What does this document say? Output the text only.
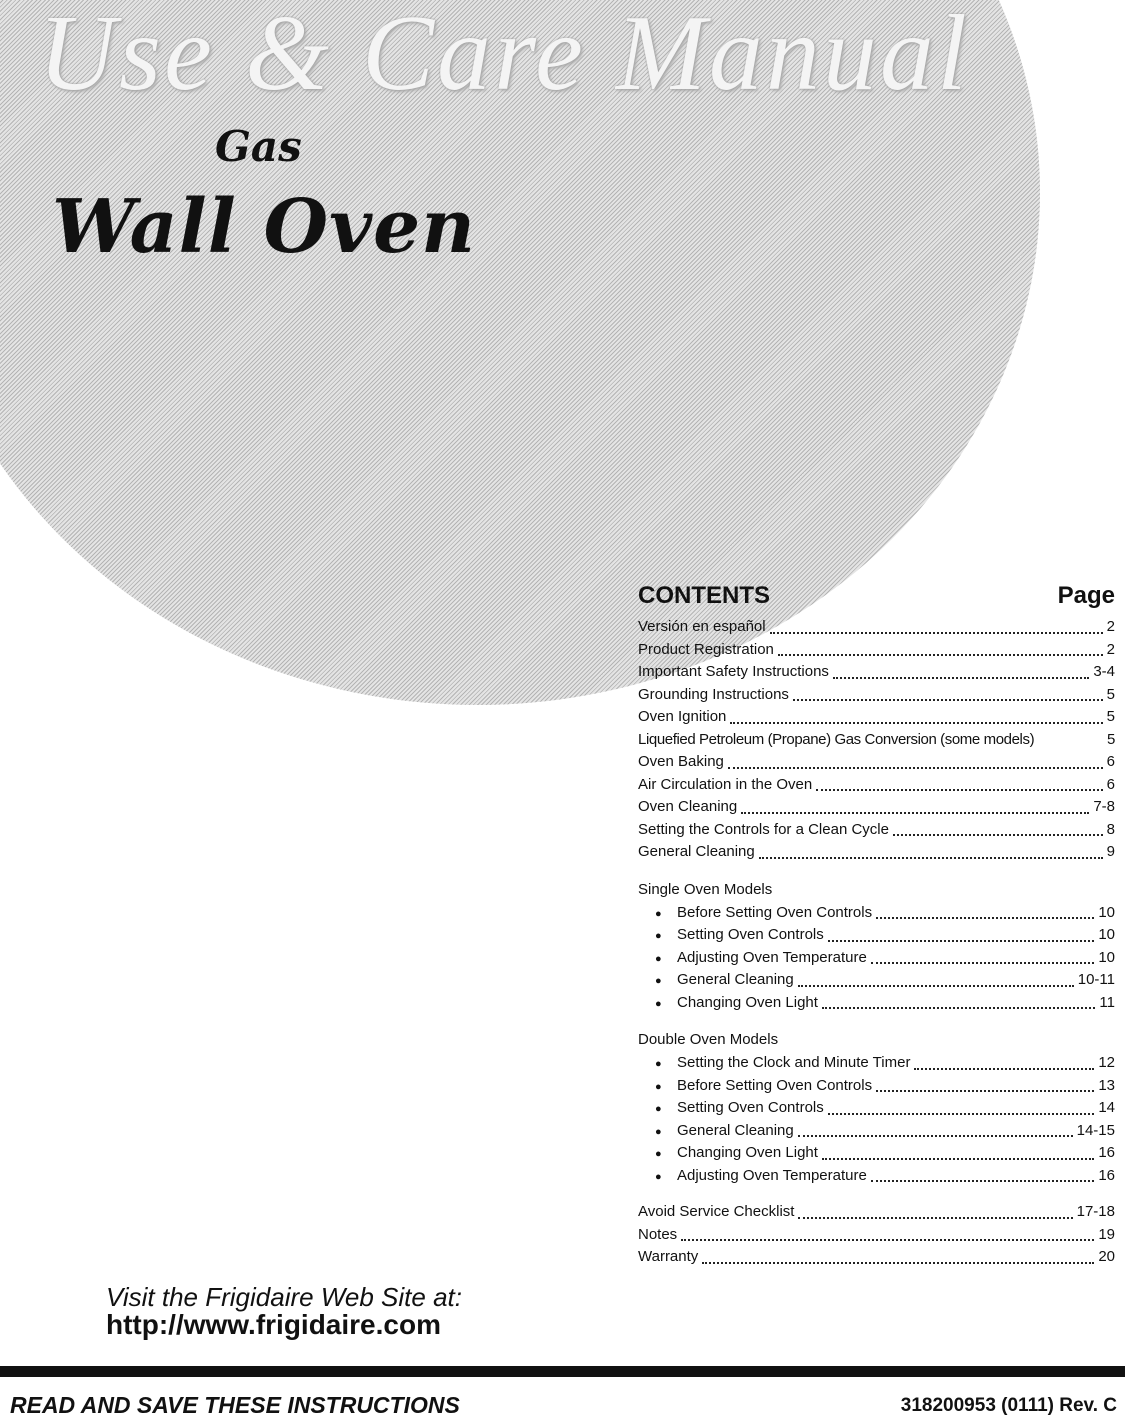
Use & Care Manual
Gas
Wall Oven
CONTENTS	Page
Versión en español	2
Product Registration	2
Important Safety Instructions	3-4
Grounding Instructions	5
Oven Ignition	5
Liquefied Petroleum (Propane) Gas Conversion (some models)	5
Oven Baking	6
Air Circulation in the Oven	6
Oven Cleaning	7-8
Setting the Controls for a Clean Cycle	8
General Cleaning	9
Single Oven Models
●	Before Setting Oven Controls	10
●	Setting Oven Controls	10
●	Adjusting Oven Temperature	10
●	General Cleaning	10-11
●	Changing Oven Light	11
Double Oven Models
●	Setting the Clock and Minute Timer	12
●	Before Setting Oven Controls	13
●	Setting Oven Controls	14
●	General Cleaning	14-15
●	Changing Oven Light	16
●	Adjusting Oven Temperature	16
Avoid Service Checklist	17-18
Notes	19
Warranty	20
Visit the Frigidaire Web Site at:
http://www.frigidaire.com
READ AND SAVE THESE INSTRUCTIONS	318200953 (0111) Rev. C
